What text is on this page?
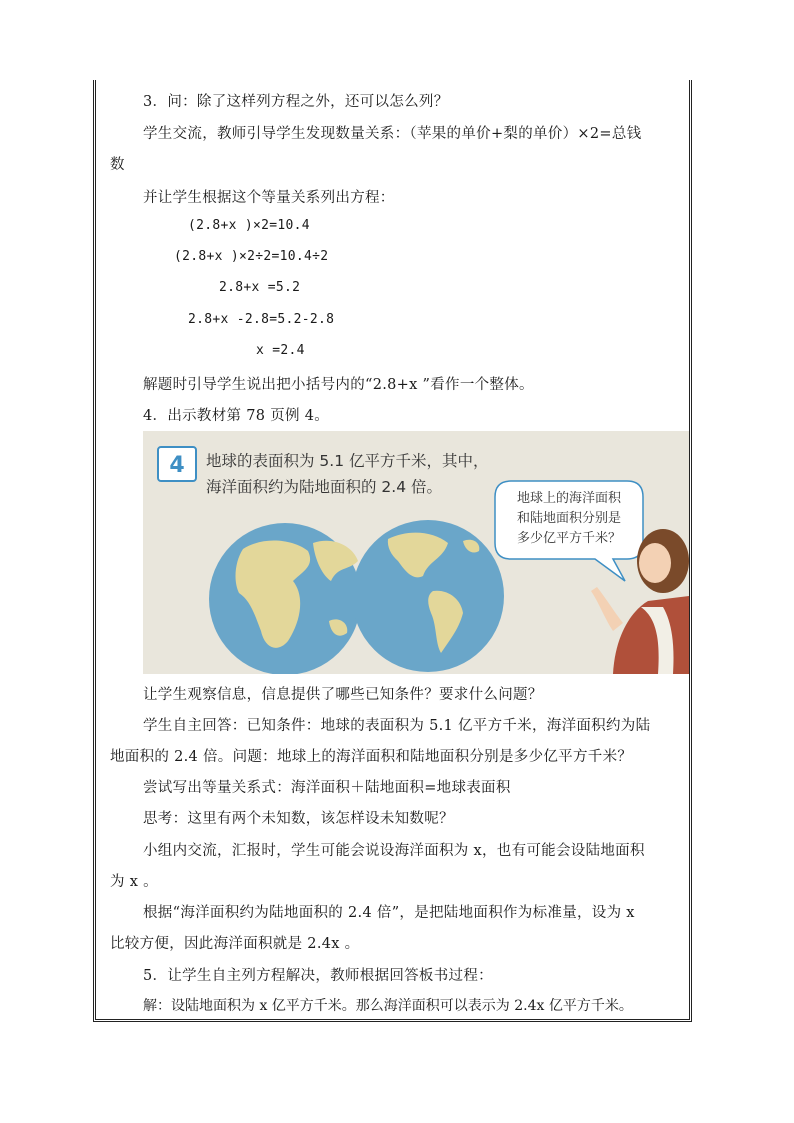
3．问：除了这样列方程之外，还可以怎么列？
学生交流，教师引导学生发现数量关系：（苹果的单价+梨的单价）×2=总钱
数
并让学生根据这个等量关系列出方程：
(2.8+x )×2=10.4
(2.8+x )×2÷2=10.4÷2
2.8+x =5.2
2.8+x -2.8=5.2-2.8
x =2.4
解题时引导学生说出把小括号内的“2.8+x ”看作一个整体。
4．出示教材第 78 页例 4。
4	地球的表面积为 5.1 亿平方千米，其中，
海洋面积约为陆地面积的 2.4 倍。
地球上的海洋面积
和陆地面积分别是
多少亿平方千米？
让学生观察信息，信息提供了哪些已知条件？要求什么问题？
学生自主回答：已知条件：地球的表面积为 5.1 亿平方千米，海洋面积约为陆
地面积的 2.4 倍。问题：地球上的海洋面积和陆地面积分别是多少亿平方千米？
尝试写出等量关系式：海洋面积＋陆地面积=地球表面积
思考：这里有两个未知数，该怎样设未知数呢？
小组内交流，汇报时，学生可能会说设海洋面积为 x，也有可能会设陆地面积
为 x 。
根据“海洋面积约为陆地面积的 2.4 倍”，是把陆地面积作为标准量，设为 x
比较方便，因此海洋面积就是 2.4x 。
5．让学生自主列方程解决，教师根据回答板书过程：
解：设陆地面积为 x 亿平方千米。那么海洋面积可以表示为 2.4x 亿平方千米。
